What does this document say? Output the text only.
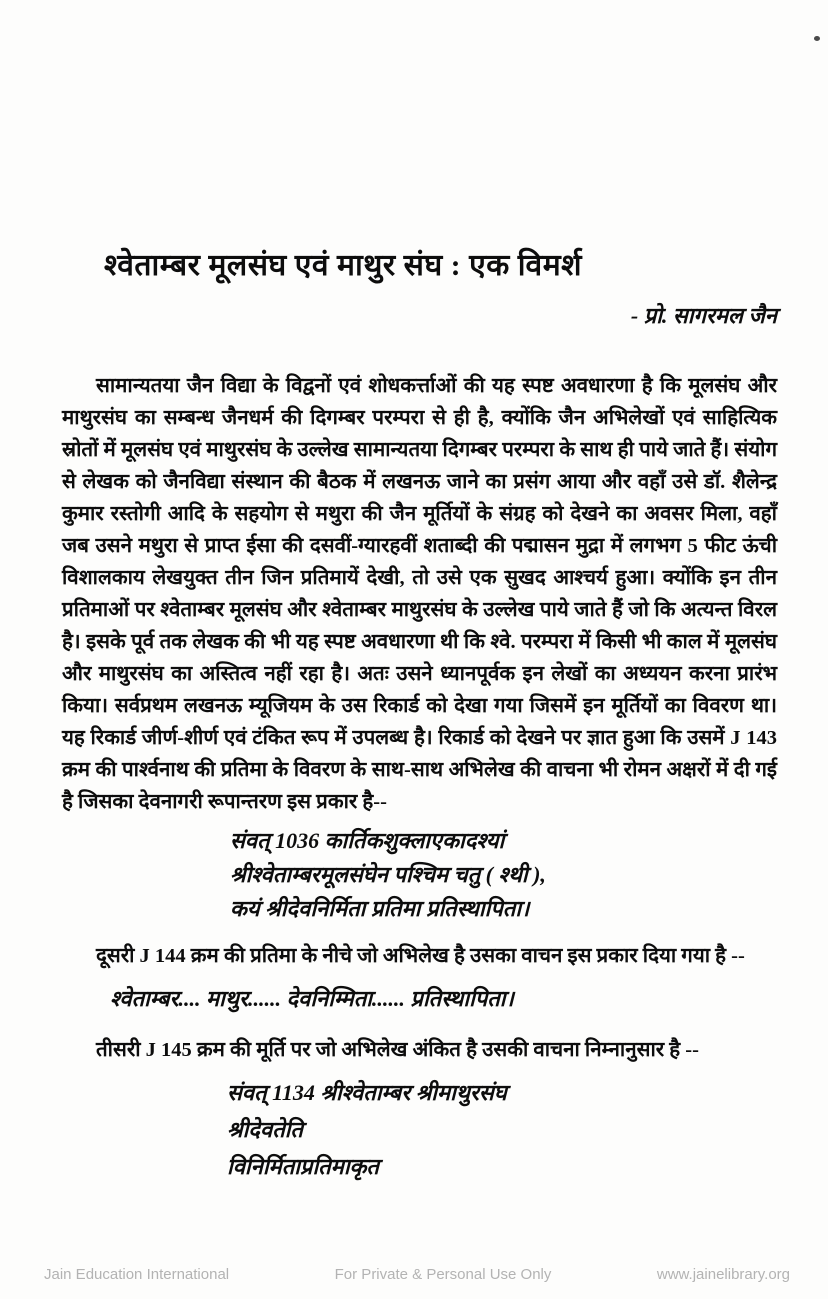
श्वेताम्बर मूलसंघ एवं माथुर संघ : एक विमर्श
- प्रो. सागरमल जैन

सामान्यतया जैन विद्या के विद्वनों एवं शोधकर्त्ताओं की यह स्पष्ट अवधारणा है कि मूलसंघ और माथुरसंघ का सम्बन्ध जैनधर्म की दिगम्बर परम्परा से ही है, क्योंकि जैन अभिलेखों एवं साहित्यिक स्रोतों में मूलसंघ एवं माथुरसंघ के उल्लेख सामान्यतया दिगम्बर परम्परा के साथ ही पाये जाते हैं। संयोग से लेखक को जैनविद्या संस्थान की बैठक में लखनऊ जाने का प्रसंग आया और वहाँ उसे डॉ. शैलेन्द्र कुमार रस्तोगी आदि के सहयोग से मथुरा की जैन मूर्तियों के संग्रह को देखने का अवसर मिला, वहाँ जब उसने मथुरा से प्राप्त ईसा की दसवीं-ग्यारहवीं शताब्दी की पद्मासन मुद्रा में लगभग 5 फीट ऊंची विशालकाय लेखयुक्त तीन जिन प्रतिमायें देखी, तो उसे एक सुखद आश्चर्य हुआ। क्योंकि इन तीन प्रतिमाओं पर श्वेताम्बर मूलसंघ और श्वेताम्बर माथुरसंघ के उल्लेख पाये जाते हैं जो कि अत्यन्त विरल है। इसके पूर्व तक लेखक की भी यह स्पष्ट अवधारणा थी कि श्वे. परम्परा में किसी भी काल में मूलसंघ और माथुरसंघ का अस्तित्व नहीं रहा है। अतः उसने ध्यानपूर्वक इन लेखों का अध्ययन करना प्रारंभ किया। सर्वप्रथम लखनऊ म्यूजियम के उस रिकार्ड को देखा गया जिसमें इन मूर्तियों का विवरण था। यह रिकार्ड जीर्ण-शीर्ण एवं टंकित रूप में उपलब्ध है। रिकार्ड को देखने पर ज्ञात हुआ कि उसमें J 143 क्रम की पार्श्वनाथ की प्रतिमा के विवरण के साथ-साथ अभिलेख की वाचना भी रोमन अक्षरों में दी गई है जिसका देवनागरी रूपान्तरण इस प्रकार है--

संवत् 1036 कार्तिकशुक्लाएकादश्यां
श्रीश्वेताम्बरमूलसंघेन पश्चिम चतु ( श्थी ),
कयं श्रीदेवनिर्मिता प्रतिमा प्रतिस्थापिता।

दूसरी J 144 क्रम की प्रतिमा के नीचे जो अभिलेख है उसका वाचन इस प्रकार दिया गया है --

श्वेताम्बर.... माथुर...... देवनिम्मिता...... प्रतिस्थापिता।

तीसरी J 145 क्रम की मूर्ति पर जो अभिलेख अंकित है उसकी वाचना निम्नानुसार है --

संवत् 1134 श्रीश्वेताम्बर श्रीमाथुरसंघ
श्रीदेवतेति
विनिर्मिताप्रतिमाकृत
Jain Education International	For Private & Personal Use Only	www.jainelibrary.org
